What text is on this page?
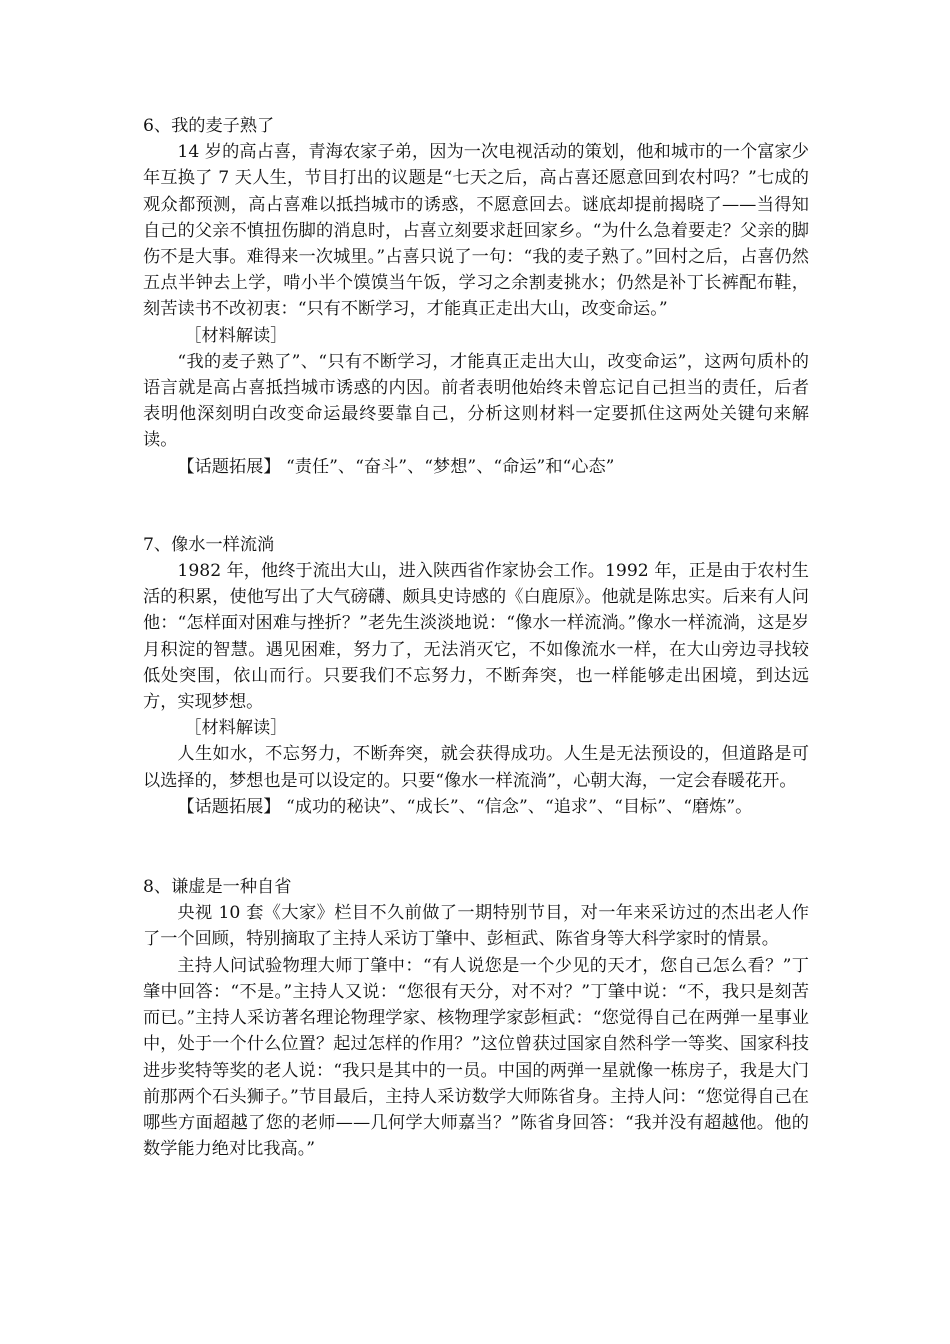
6、我的麦子熟了

14 岁的高占喜，青海农家子弟，因为一次电视活动的策划，他和城市的一个富家少年互换了 7 天人生，节目打出的议题是“七天之后，高占喜还愿意回到农村吗？”七成的观众都预测，高占喜难以抵挡城市的诱惑，不愿意回去。谜底却提前揭晓了——当得知自己的父亲不慎扭伤脚的消息时，占喜立刻要求赶回家乡。“为什么急着要走？父亲的脚伤不是大事。难得来一次城里。”占喜只说了一句：“我的麦子熟了。”回村之后，占喜仍然五点半钟去上学，啃小半个馍馍当午饭，学习之余割麦挑水；仍然是补丁长裤配布鞋，刻苦读书不改初衷：“只有不断学习，才能真正走出大山，改变命运。”

［材料解读］

“我的麦子熟了”、“只有不断学习，才能真正走出大山，改变命运”，这两句质朴的语言就是高占喜抵挡城市诱惑的内因。前者表明他始终未曾忘记自己担当的责任，后者表明他深刻明白改变命运最终要靠自己，分析这则材料一定要抓住这两处关键句来解读。

【话题拓展】 “责任”、“奋斗”、“梦想”、“命运”和“心态”

7、像水一样流淌

1982 年，他终于流出大山，进入陕西省作家协会工作。1992 年，正是由于农村生活的积累，使他写出了大气磅礴、颇具史诗感的《白鹿原》。他就是陈忠实。后来有人问他：“怎样面对困难与挫折？”老先生淡淡地说：“像水一样流淌。”像水一样流淌，这是岁月积淀的智慧。遇见困难，努力了，无法消灭它，不如像流水一样，在大山旁边寻找较低处突围，依山而行。只要我们不忘努力，不断奔突，也一样能够走出困境，到达远方，实现梦想。

［材料解读］

人生如水，不忘努力，不断奔突，就会获得成功。人生是无法预设的，但道路是可以选择的，梦想也是可以设定的。只要“像水一样流淌”，心朝大海，一定会春暖花开。

【话题拓展】 “成功的秘诀”、“成长”、“信念”、“追求”、“目标”、“磨炼”。

8、谦虚是一种自省

央视 10 套《大家》栏目不久前做了一期特别节目，对一年来采访过的杰出老人作了一个回顾，特别摘取了主持人采访丁肇中、彭桓武、陈省身等大科学家时的情景。

主持人问试验物理大师丁肇中：“有人说您是一个少见的天才，您自己怎么看？”丁肇中回答：“不是。”主持人又说：“您很有天分，对不对？”丁肇中说：“不，我只是刻苦而已。”主持人采访著名理论物理学家、核物理学家彭桓武：“您觉得自己在两弹一星事业中，处于一个什么位置？起过怎样的作用？”这位曾获过国家自然科学一等奖、国家科技进步奖特等奖的老人说：“我只是其中的一员。中国的两弹一星就像一栋房子，我是大门前那两个石头狮子。”节目最后，主持人采访数学大师陈省身。主持人问：“您觉得自己在哪些方面超越了您的老师——几何学大师嘉当？”陈省身回答：“我并没有超越他。他的数学能力绝对比我高。”
